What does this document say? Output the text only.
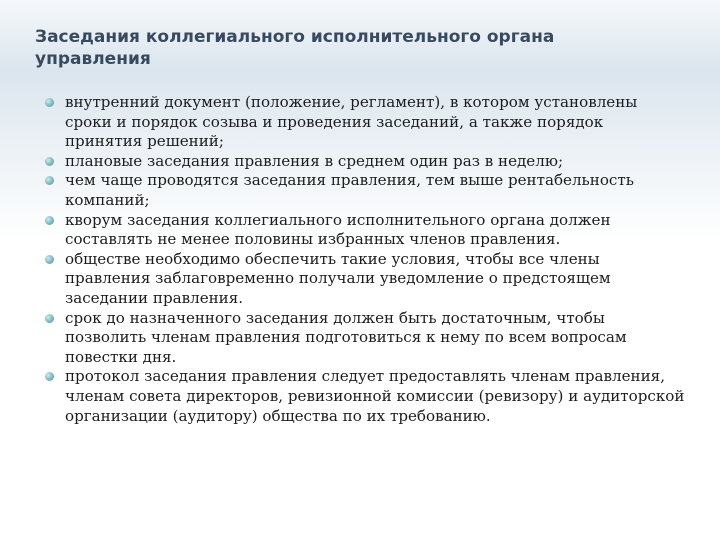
Заседания коллегиального исполнительного органа управления
внутренний документ (положение, регламент), в котором установлены сроки и порядок созыва и проведения заседаний, а также порядок принятия решений;
плановые заседания правления в среднем один раз в неделю;
чем чаще проводятся заседания правления, тем выше рентабельность компаний;
кворум заседания коллегиального исполнительного органа должен составлять не менее половины избранных членов правления.
обществе необходимо обеспечить такие условия, чтобы все члены правления заблаговременно получали уведомление о предстоящем заседании правления.
срок до назначенного заседания должен быть достаточным, чтобы позволить членам правления подготовиться к нему по всем вопросам повестки дня.
протокол заседания правления следует предоставлять членам правления, членам совета директоров, ревизионной комиссии (ревизору) и аудиторской организации (аудитору) общества по их требованию.
